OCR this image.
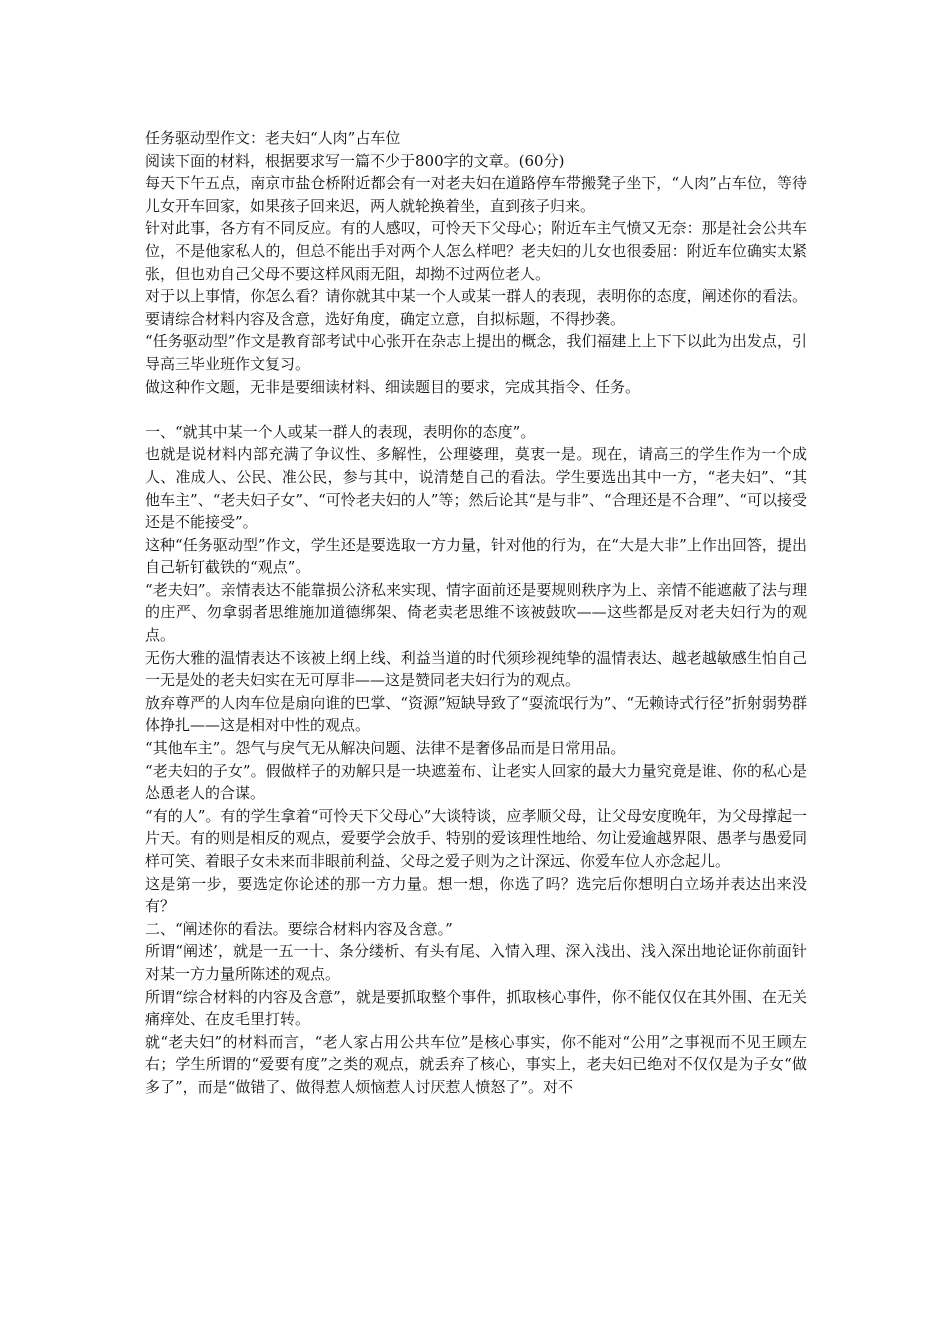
任务驱动型作文：老夫妇“人肉”占车位

阅读下面的材料，根据要求写一篇不少于800字的文章。(60分)

每天下午五点，南京市盐仓桥附近都会有一对老夫妇在道路停车带搬凳子坐下，“人肉”占车位，等待儿女开车回家，如果孩子回来迟，两人就轮换着坐，直到孩子归来。

针对此事，各方有不同反应。有的人感叹，可怜天下父母心；附近车主气愤又无奈：那是社会公共车位，不是他家私人的，但总不能出手对两个人怎么样吧？老夫妇的儿女也很委屈：附近车位确实太紧张，但也劝自己父母不要这样风雨无阻，却拗不过两位老人。

对于以上事情，你怎么看？请你就其中某一个人或某一群人的表现，表明你的态度，阐述你的看法。要请综合材料内容及含意，选好角度，确定立意，自拟标题，不得抄袭。

“任务驱动型”作文是教育部考试中心张开在杂志上提出的概念，我们福建上上下下以此为出发点，引导高三毕业班作文复习。

做这种作文题，无非是要细读材料、细读题目的要求，完成其指令、任务。

一、“就其中某一个人或某一群人的表现，表明你的态度”。

也就是说材料内部充满了争议性、多解性，公理婆理，莫衷一是。现在，请高三的学生作为一个成人、准成人、公民、准公民，参与其中，说清楚自己的看法。学生要选出其中一方，“老夫妇”、“其他车主”、“老夫妇子女”、“可怜老夫妇的人”等；然后论其“是与非”、“合理还是不合理”、“可以接受还是不能接受”。

这种“任务驱动型”作文，学生还是要选取一方力量，针对他的行为，在“大是大非”上作出回答，提出自己斩钉截铁的“观点”。

“老夫妇”。亲情表达不能靠损公济私来实现、情字面前还是要规则秩序为上、亲情不能遮蔽了法与理的庄严、勿拿弱者思维施加道德绑架、倚老卖老思维不该被鼓吹——这些都是反对老夫妇行为的观点。

无伤大雅的温情表达不该被上纲上线、利益当道的时代须珍视纯挚的温情表达、越老越敏感生怕自己一无是处的老夫妇实在无可厚非——这是赞同老夫妇行为的观点。

放弃尊严的人肉车位是扇向谁的巴掌、“资源”短缺导致了“耍流氓行为”、“无赖诗式行径”折射弱势群体挣扎——这是相对中性的观点。

“其他车主”。怨气与戾气无从解决问题、法律不是奢侈品而是日常用品。

“老夫妇的子女”。假做样子的劝解只是一块遮羞布、让老实人回家的最大力量究竟是谁、你的私心是怂恿老人的合谋。

“有的人”。有的学生拿着“可怜天下父母心”大谈特谈，应孝顺父母，让父母安度晚年，为父母撑起一片天。有的则是相反的观点，爱要学会放手、特别的爱该理性地给、勿让爱逾越界限、愚孝与愚爱同样可笑、着眼子女未来而非眼前利益、父母之爱子则为之计深远、你爱车位人亦念起儿。

这是第一步，要选定你论述的那一方力量。想一想，你选了吗？选完后你想明白立场并表达出来没有？

二、“阐述你的看法。要综合材料内容及含意。”

所谓“阐述’，就是一五一十、条分缕析、有头有尾、入情入理、深入浅出、浅入深出地论证你前面针对某一方力量所陈述的观点。

所谓“综合材料的内容及含意”，就是要抓取整个事件，抓取核心事件，你不能仅仅在其外围、在无关痛痒处、在皮毛里打转。

就“老夫妇”的材料而言，“老人家占用公共车位”是核心事实，你不能对“公用”之事视而不见王顾左右；学生所谓的“爱要有度”之类的观点，就丢弃了核心，事实上，老夫妇已绝对不仅仅是为子女“做多了”，而是“做错了、做得惹人烦恼惹人讨厌惹人愤怒了”。对不
